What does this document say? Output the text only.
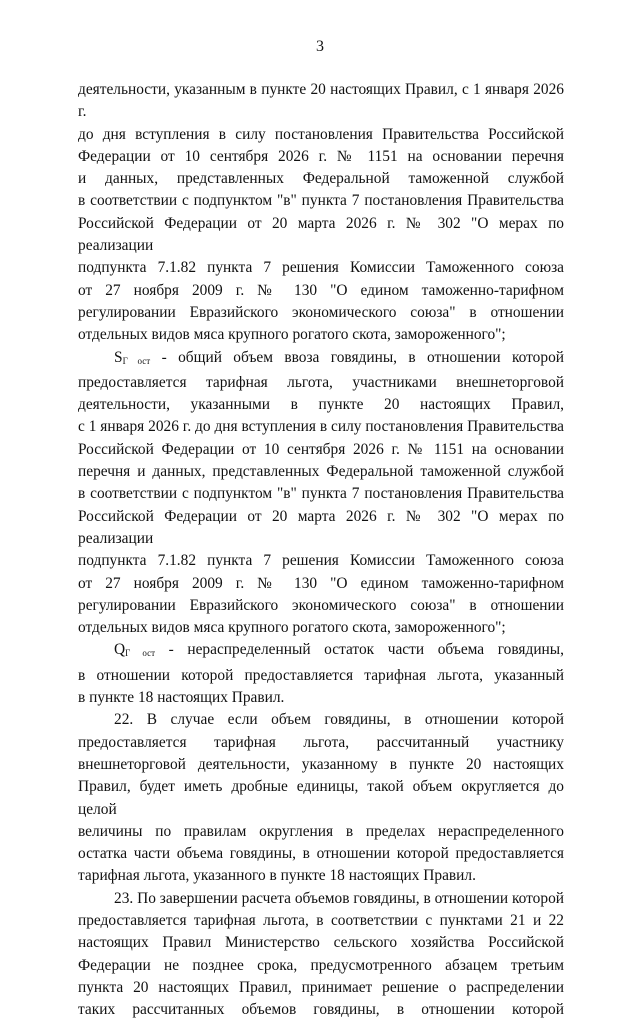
3
деятельности, указанным в пункте 20 настоящих Правил, с 1 января 2026 г.
до дня вступления в силу постановления Правительства Российской
Федерации от 10 сентября 2026 г. № 1151 на основании перечня
и данных, представленных Федеральной таможенной службой
в соответствии с подпунктом "в" пункта 7 постановления Правительства
Российской Федерации от 20 марта 2026 г. № 302 "О мерах по реализации
подпункта 7.1.82 пункта 7 решения Комиссии Таможенного союза
от 27 ноября 2009 г. № 130 "О едином таможенно-тарифном
регулировании Евразийского экономического союза" в отношении
отдельных видов мяса крупного рогатого скота, замороженного";
$S_{Г ост}$ - общий объем ввоза говядины, в отношении которой
предоставляется тарифная льгота, участниками внешнеторговой
деятельности, указанными в пункте 20 настоящих Правил,
с 1 января 2026 г. до дня вступления в силу постановления Правительства
Российской Федерации от 10 сентября 2026 г. № 1151 на основании
перечня и данных, представленных Федеральной таможенной службой
в соответствии с подпунктом "в" пункта 7 постановления Правительства
Российской Федерации от 20 марта 2026 г. № 302 "О мерах по реализации
подпункта 7.1.82 пункта 7 решения Комиссии Таможенного союза
от 27 ноября 2009 г. № 130 "О едином таможенно-тарифном
регулировании Евразийского экономического союза" в отношении
отдельных видов мяса крупного рогатого скота, замороженного";
$Q_{Г ост}$ - нераспределенный остаток части объема говядины,
в отношении которой предоставляется тарифная льгота, указанный
в пункте 18 настоящих Правил.
22. В случае если объем говядины, в отношении которой
предоставляется тарифная льгота, рассчитанный участнику
внешнеторговой деятельности, указанному в пункте 20 настоящих
Правил, будет иметь дробные единицы, такой объем округляется до целой
величины по правилам округления в пределах нераспределенного
остатка части объема говядины, в отношении которой предоставляется
тарифная льгота, указанного в пункте 18 настоящих Правил.
23. По завершении расчета объемов говядины, в отношении которой
предоставляется тарифная льгота, в соответствии с пунктами 21 и 22
настоящих Правил Министерство сельского хозяйства Российской
Федерации не позднее срока, предусмотренного абзацем третьим
пункта 20 настоящих Правил, принимает решение о распределении
таких рассчитанных объемов говядины, в отношении которой
